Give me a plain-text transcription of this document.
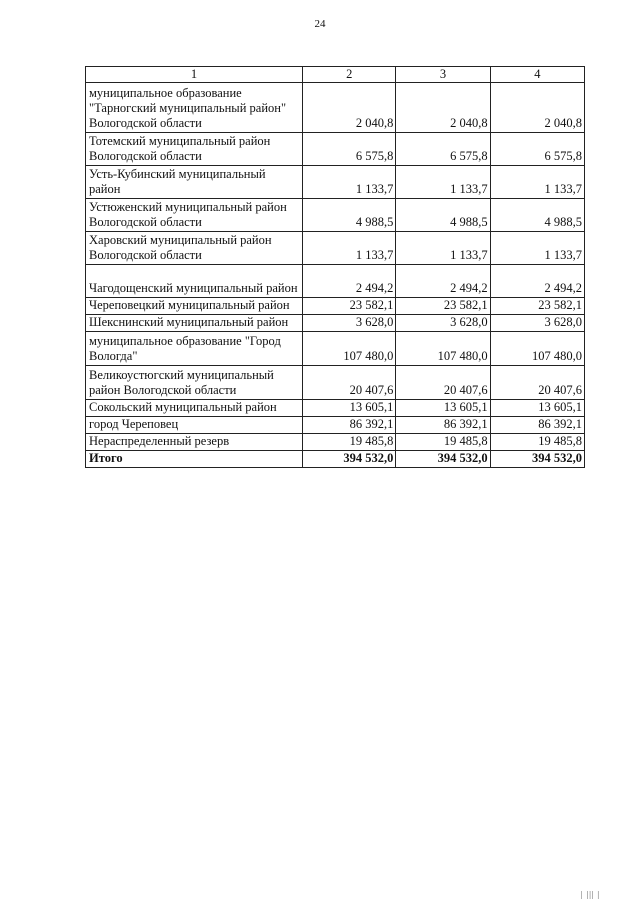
24
1	2	3	4
муниципальное образование "Тарногский муниципальный район" Вологодской области	2 040,8	2 040,8	2 040,8
Тотемский муниципальный район Вологодской области	6 575,8	6 575,8	6 575,8
Усть-Кубинский муниципальный район	1 133,7	1 133,7	1 133,7
Устюженский муниципальный район Вологодской области	4 988,5	4 988,5	4 988,5
Харовский муниципальный район Вологодской области	1 133,7	1 133,7	1 133,7
Чагодощенский муниципальный район	2 494,2	2 494,2	2 494,2
Череповецкий муниципальный район	23 582,1	23 582,1	23 582,1
Шекснинский муниципальный район	3 628,0	3 628,0	3 628,0
муниципальное образование "Город Вологда"	107 480,0	107 480,0	107 480,0
Великоустюгский муниципальный район Вологодской области	20 407,6	20 407,6	20 407,6
Сокольский муниципальный район	13 605,1	13 605,1	13 605,1
город Череповец	86 392,1	86 392,1	86 392,1
Нераспределенный резерв	19 485,8	19 485,8	19 485,8
Итого	394 532,0	394 532,0	394 532,0
| ||| |
